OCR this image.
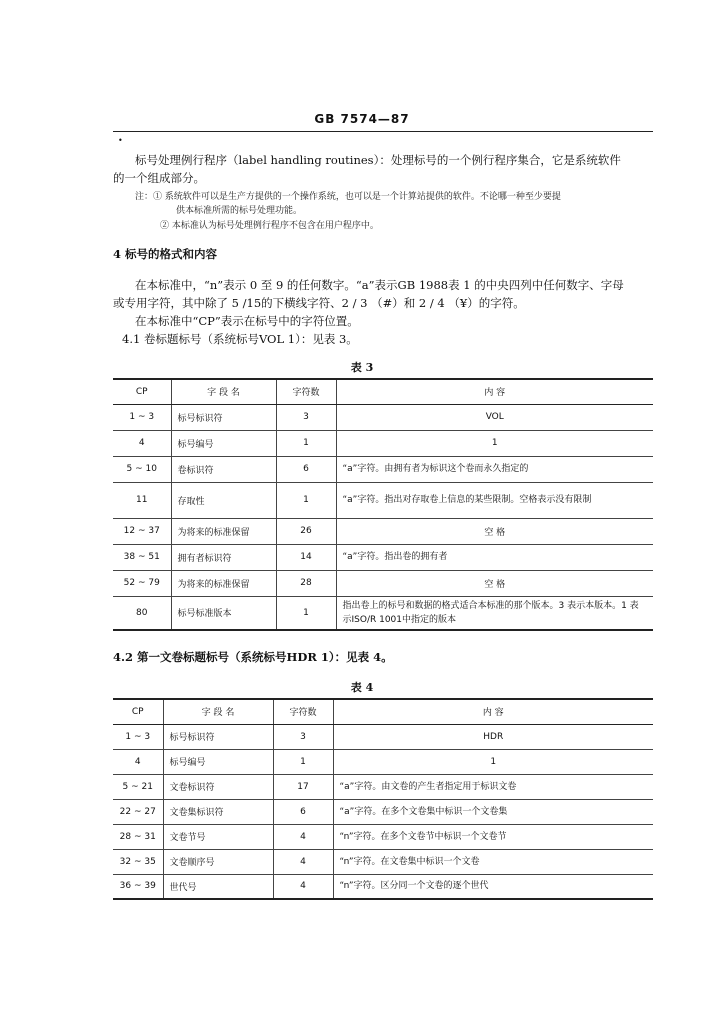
GB 7574—87
•

标号处理例行程序（label handling routines）：处理标号的一个例行程序集合，它是系统软件

的一个组成部分。

注：① 系统软件可以是生产方提供的一个操作系统，也可以是一个计算站提供的软件。不论哪一种至少要提

供本标准所需的标号处理功能。

② 本标准认为标号处理例行程序不包含在用户程序中。

4 标号的格式和内容

在本标准中，“n”表示 0 至 9 的任何数字。“a”表示GB 1988表 1 的中央四列中任何数字、字母

或专用字符，其中除了 5 /15的下横线字符、2 / 3 （#）和 2 / 4 （¥）的字符。

在本标准中“CP”表示在标号中的字符位置。

4.1 卷标题标号（系统标号VOL 1）：见表 3。

表 3
CP	字 段 名	字符数	内 容
1 ~ 3	标号标识符	3	VOL
4	标号编号	1	1
5 ~ 10	卷标识符	6	“a”字符。由拥有者为标识这个卷而永久指定的
11	存取性	1	“a”字符。指出对存取卷上信息的某些限制。空格表示没有限制
12 ~ 37	为将来的标准保留	26	空 格
38 ~ 51	拥有者标识符	14	“a”字符。指出卷的拥有者
52 ~ 79	为将来的标准保留	28	空 格
80	标号标准版本	1	指出卷上的标号和数据的格式适合本标准的那个版本。3 表示本版本。1 表示ISO/R 1001中指定的版本

4.2 第一文卷标题标号（系统标号HDR 1）：见表 4。

表 4
CP	字 段 名	字符数	内 容
1 ~ 3	标号标识符	3	HDR
4	标号编号	1	1
5 ~ 21	文卷标识符	17	“a”字符。由文卷的产生者指定用于标识文卷
22 ~ 27	文卷集标识符	6	“a”字符。在多个文卷集中标识一个文卷集
28 ~ 31	文卷节号	4	“n”字符。在多个文卷节中标识一个文卷节
32 ~ 35	文卷顺序号	4	“n”字符。在文卷集中标识一个文卷
36 ~ 39	世代号	4	“n”字符。区分同一个文卷的逐个世代
